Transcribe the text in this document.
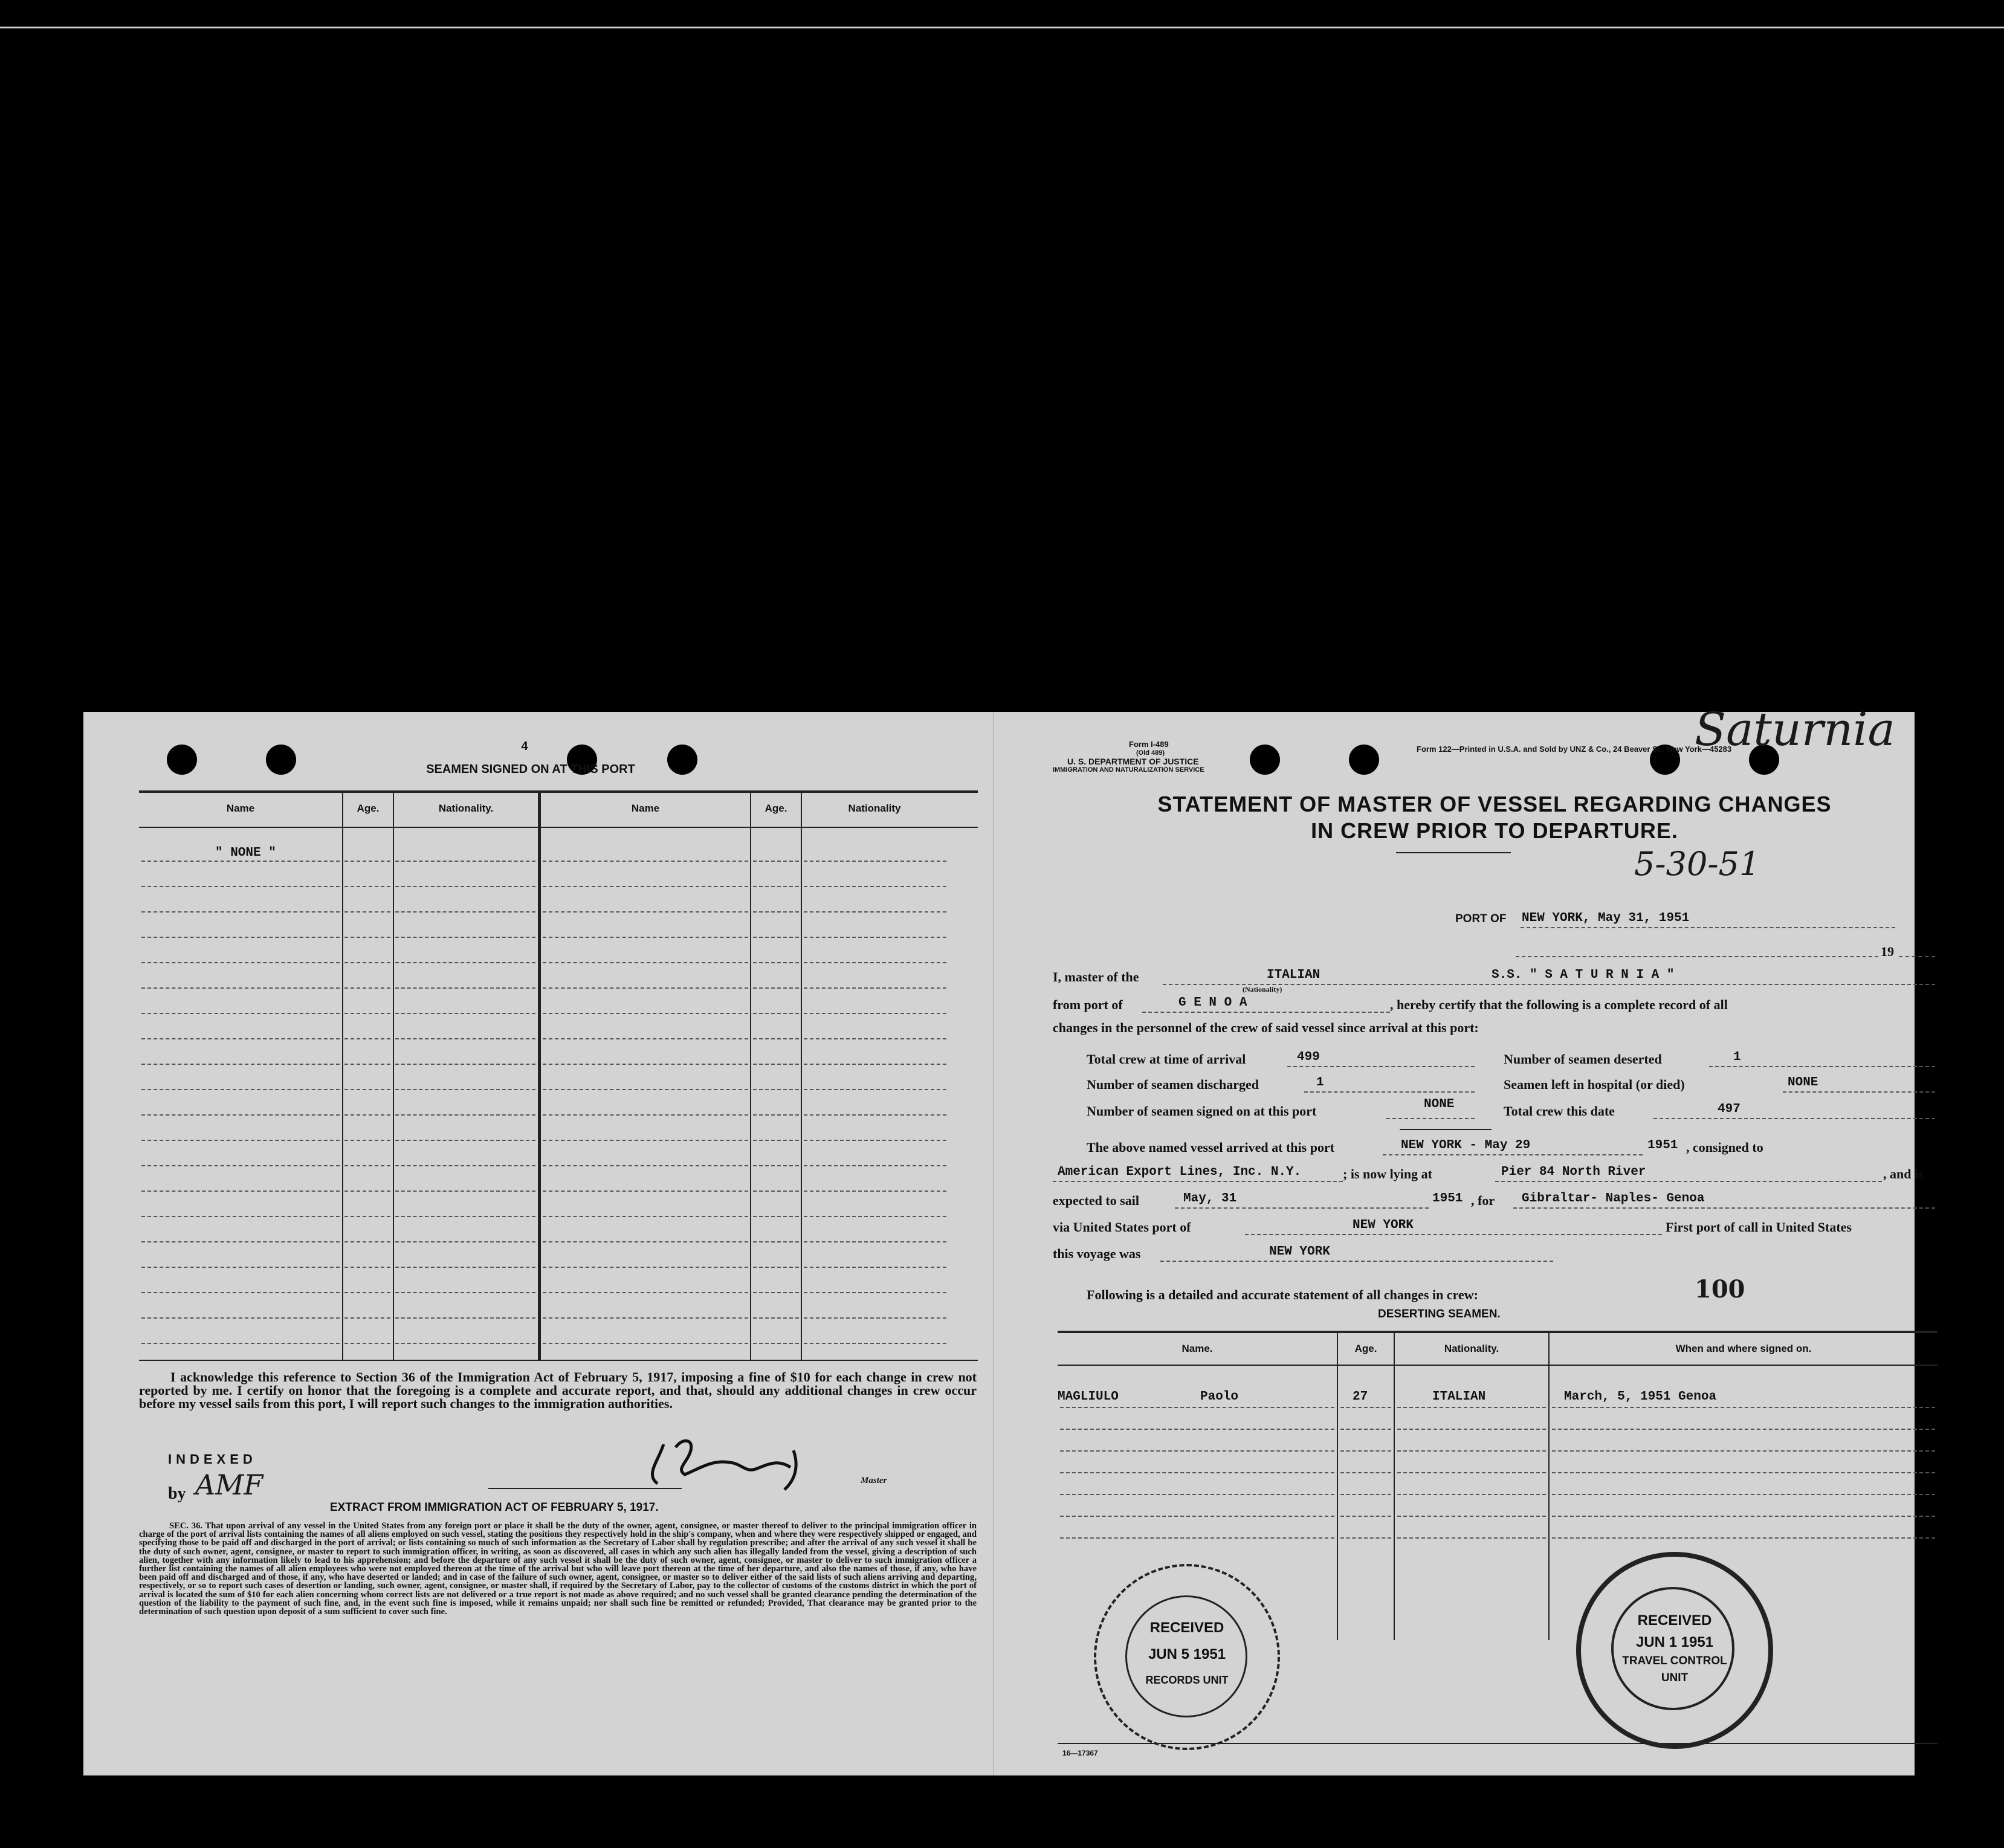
4
SEAMEN SIGNED ON AT THIS PORT
Name	Age.	Nationality.	Name	Age.	Nationality
" NONE "
I acknowledge this reference to Section 36 of the Immigration Act of February 5, 1917, imposing a fine of $10 for each change in crew not reported by me. I certify on honor that the foregoing is a complete and accurate report, and that, should any additional changes in crew occur before my vessel sails from this port, I will report such changes to the immigration authorities.
INDEXED
by AMF	Master
EXTRACT FROM IMMIGRATION ACT OF FEBRUARY 5, 1917.
SEC. 36. That upon arrival of any vessel in the United States from any foreign port or place it shall be the duty of the owner, agent, consignee, or master thereof to deliver to the principal immigration officer in charge of the port of arrival lists containing the names of all aliens employed on such vessel, stating the positions they respectively hold in the ship's company, when and where they were respectively shipped or engaged, and specifying those to be paid off and discharged in the port of arrival; or lists containing so much of such information as the Secretary of Labor shall by regulation prescribe; and after the arrival of any such vessel it shall be the duty of such owner, agent, consignee, or master to report to such immigration officer, in writing, as soon as discovered, all cases in which any such alien has illegally landed from the vessel, giving a description of such alien, together with any information likely to lead to his apprehension; and before the departure of any such vessel it shall be the duty of such owner, agent, consignee, or master to deliver to such immigration officer a further list containing the names of all alien employees who were not employed thereon at the time of the arrival but who will leave port thereon at the time of her departure, and also the names of those, if any, who have been paid off and discharged and of those, if any, who have deserted or landed; and in case of the failure of such owner, agent, consignee, or master so to deliver either of the said lists of such aliens arriving and departing, respectively, or so to report such cases of desertion or landing, such owner, agent, consignee, or master shall, if required by the Secretary of Labor, pay to the collector of customs of the customs district in which the port of arrival is located the sum of $10 for each alien concerning whom correct lists are not delivered or a true report is not made as above required; and no such vessel shall be granted clearance pending the determination of the question of the liability to the payment of such fine, and, in the event such fine is imposed, while it remains unpaid; nor shall such fine be remitted or refunded; Provided, That clearance may be granted prior to the determination of such question upon deposit of a sum sufficient to cover such fine.
Form I-489
(Old 489)
U. S. DEPARTMENT OF JUSTICE
IMMIGRATION AND NATURALIZATION SERVICE
Form 122—Printed in U.S.A. and Sold by UNZ & Co., 24 Beaver St., New York—45283
Saturnia
STATEMENT OF MASTER OF VESSEL REGARDING CHANGES
IN CREW PRIOR TO DEPARTURE.
5-30-51
PORT OF NEW YORK, May 31, 1951
19
I, master of the	ITALIAN
(Nationality)
S.S. " S A T U R N I A "
from port of	G E N O A	, hereby certify that the following is a complete record of all
changes in the personnel of the crew of said vessel since arrival at this port:
Total crew at time of arrival	499	Number of seamen deserted	1
Number of seamen discharged	1	Seamen left in hospital (or died)	NONE
Number of seamen signed on at this port	NONE	Total crew this date	497
The above named vessel arrived at this port	NEW YORK - May 29	1951 , consigned to
American Export Lines, Inc. N.Y.	; is now lying at	Pier 84 North River	, and is
expected to sail	May, 31	1951 , for Gibraltar- Naples- Genoa
via United States port of	NEW YORK	First port of call in United States
this voyage was	NEW YORK
Following is a detailed and accurate statement of all changes in crew:	100
DESERTING SEAMEN.
Name.	Age.	Nationality.	When and where signed on.
MAGLIULO	Paolo	27	ITALIAN	March, 5, 1951 Genoa
RECEIVED
JUN 5 1951
RECORDS UNIT
RECEIVED
JUN 1 1951
TRAVEL CONTROL
UNIT
16—17367
